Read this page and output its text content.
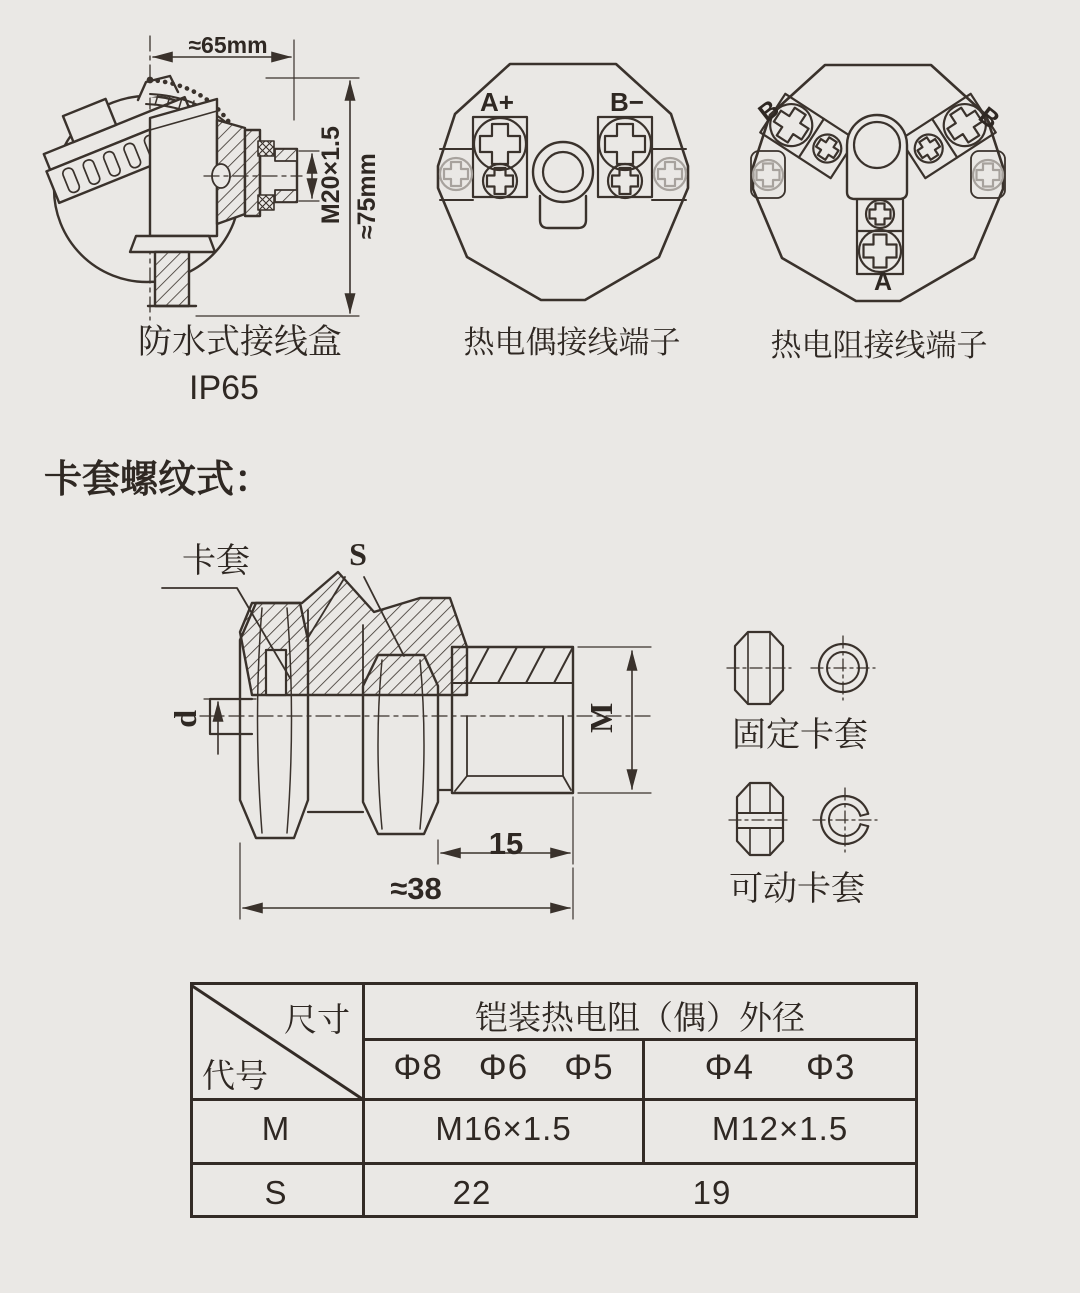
≈65mm
M20×1.5 ≈75mm
防水式接线盒
IP65
A+	B−
热电偶接线端子
B	B
A
热电阻接线端子
卡套螺纹式：
卡套	S
d	M
15
≈38
固定卡套
可动卡套
尺寸
代号
铠装热电阻（偶）外径
Φ8 Φ6 Φ5	Φ4 Φ3
M	M16×1.5	M12×1.5
S	22	19
